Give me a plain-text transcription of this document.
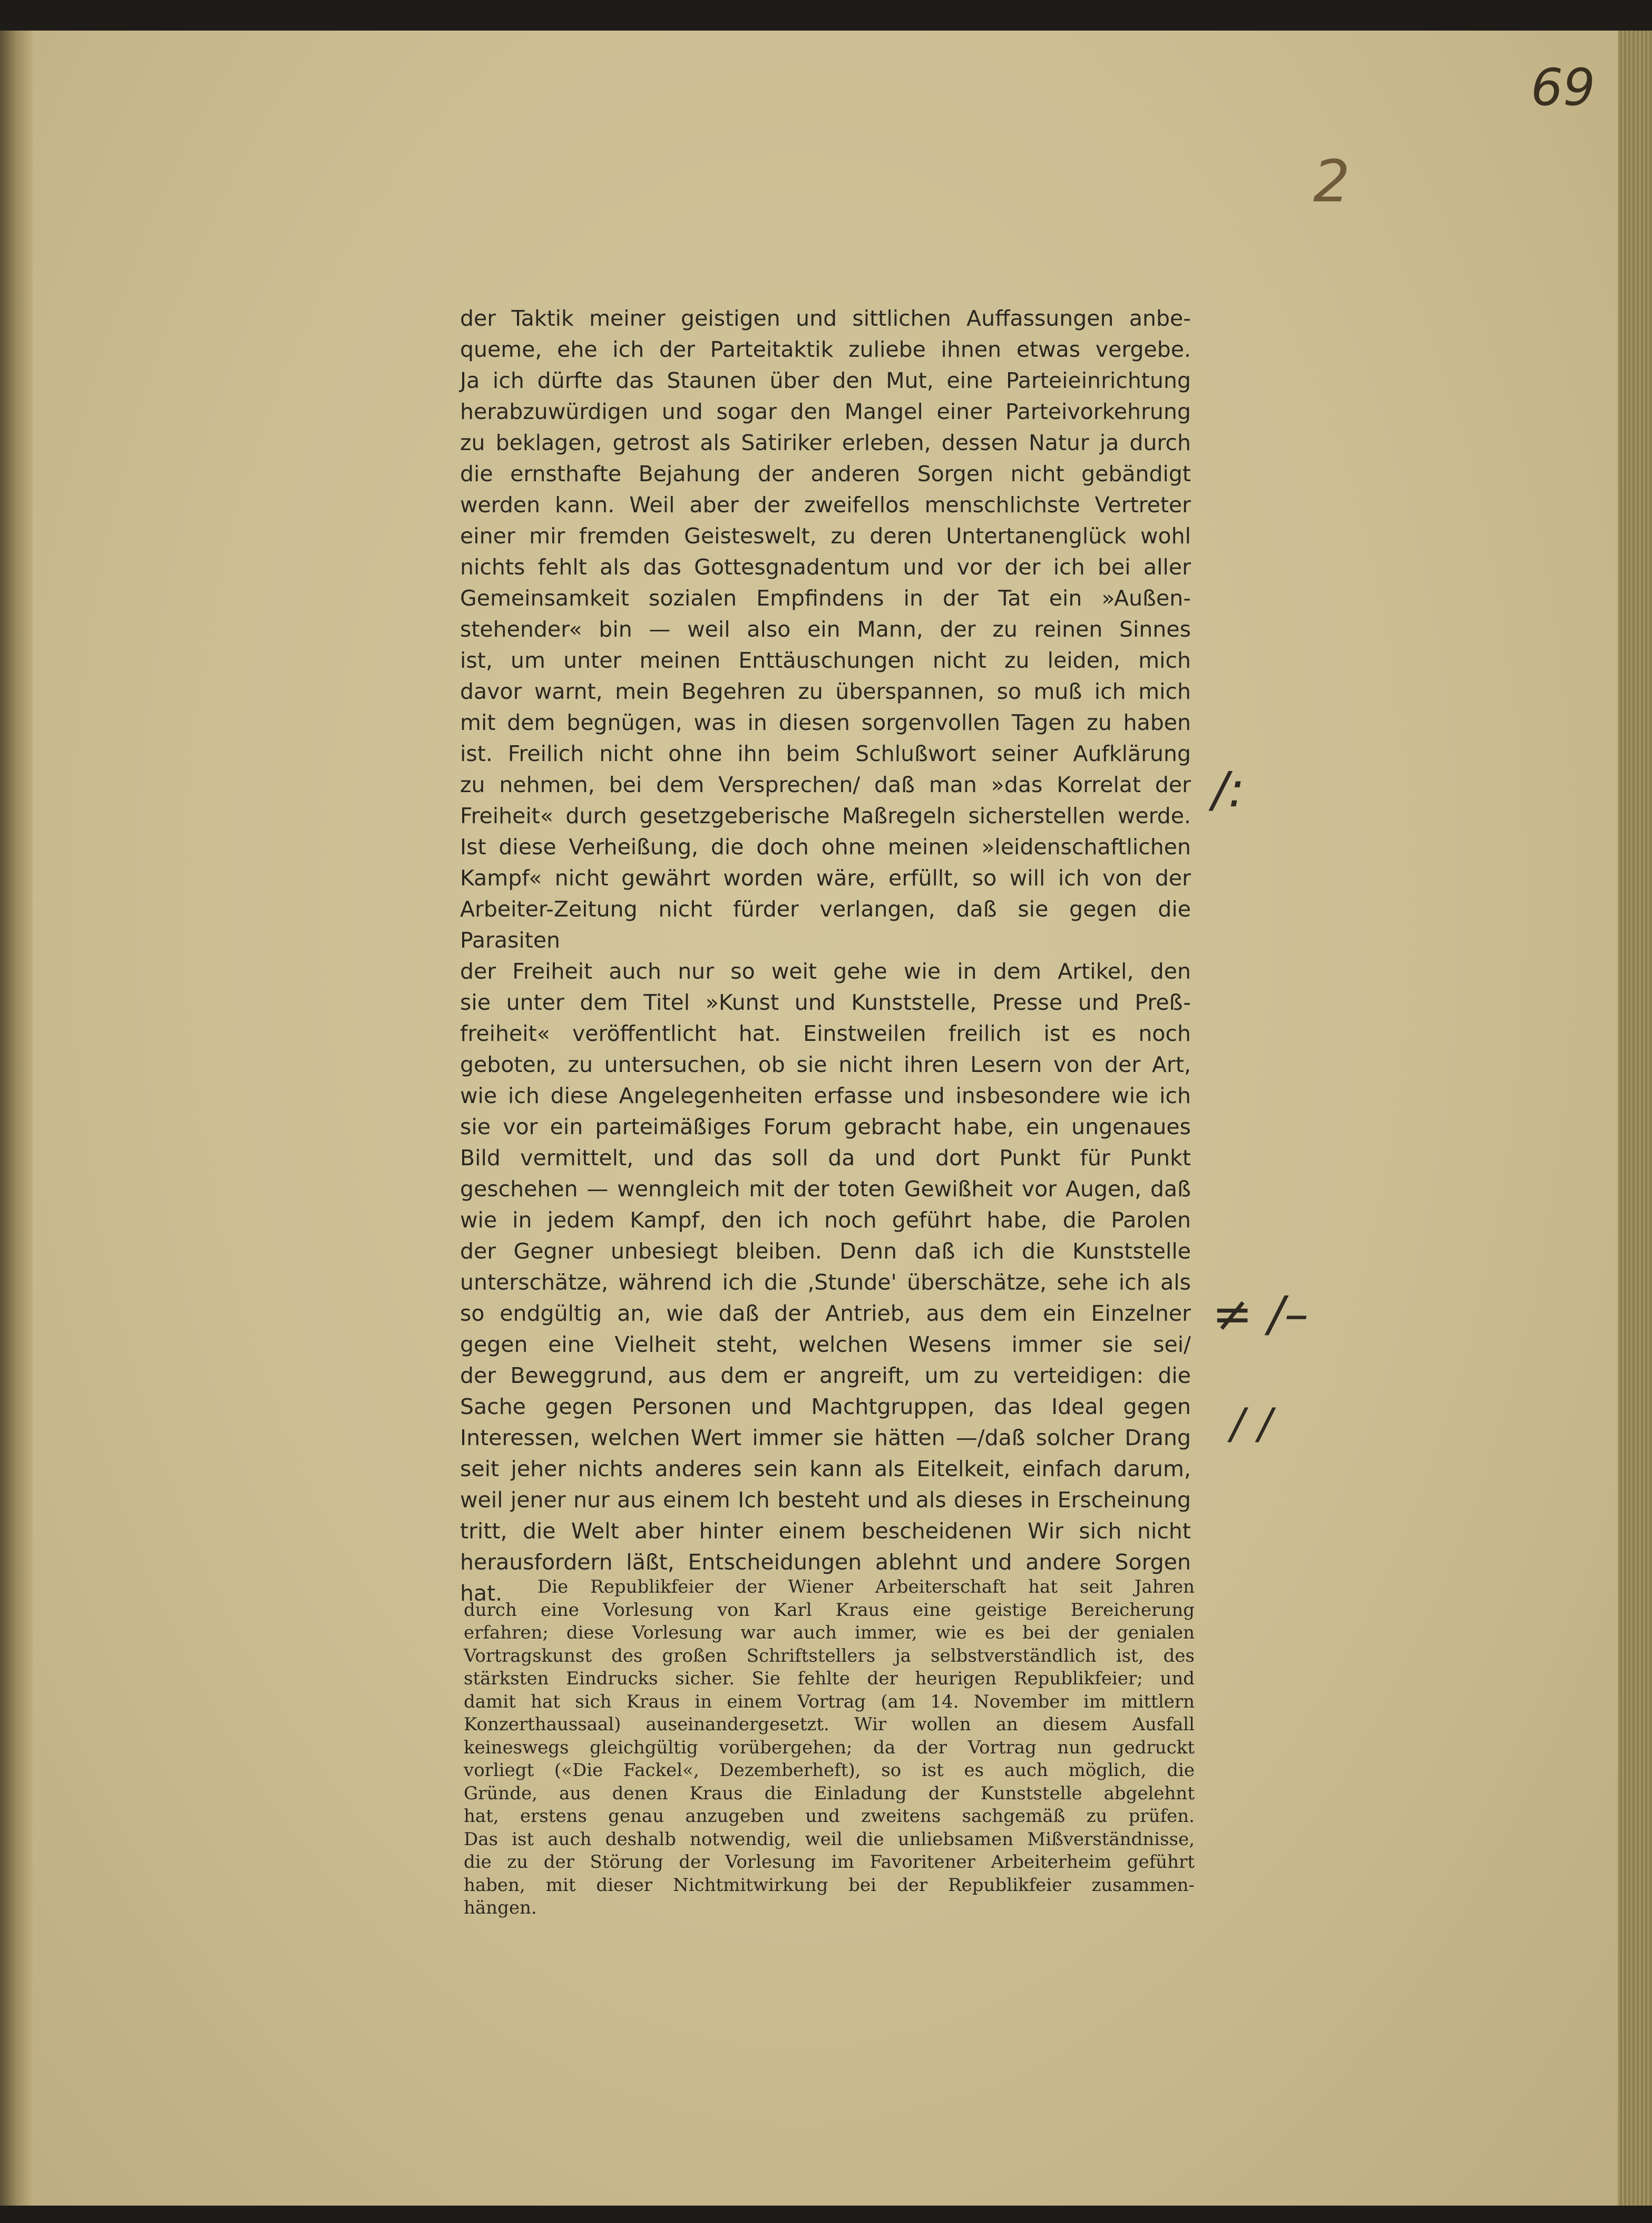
69
2
/:
≠ /–
/ /
der Taktik meiner geistigen und sittlichen Auffassungen anbe-
queme, ehe ich der Parteitaktik zuliebe ihnen etwas vergebe.
Ja ich dürfte das Staunen über den Mut, eine Parteieinrichtung
herabzuwürdigen und sogar den Mangel einer Parteivorkehrung
zu beklagen, getrost als Satiriker erleben, dessen Natur ja durch
die ernsthafte Bejahung der anderen Sorgen nicht gebändigt
werden kann. Weil aber der zweifellos menschlichste Vertreter
einer mir fremden Geisteswelt, zu deren Untertanenglück wohl
nichts fehlt als das Gottesgnadentum und vor der ich bei aller
Gemeinsamkeit sozialen Empfindens in der Tat ein »Außen-
stehender« bin — weil also ein Mann, der zu reinen Sinnes
ist, um unter meinen Enttäuschungen nicht zu leiden, mich
davor warnt, mein Begehren zu überspannen, so muß ich mich
mit dem begnügen, was in diesen sorgenvollen Tagen zu haben
ist. Freilich nicht ohne ihn beim Schlußwort seiner Aufklärung
zu nehmen, bei dem Versprechen/ daß man »das Korrelat der
Freiheit« durch gesetzgeberische Maßregeln sicherstellen werde.
Ist diese Verheißung, die doch ohne meinen »leidenschaftlichen
Kampf« nicht gewährt worden wäre, erfüllt, so will ich von der
Arbeiter-Zeitung nicht fürder verlangen, daß sie gegen die Parasiten
der Freiheit auch nur so weit gehe wie in dem Artikel, den
sie unter dem Titel »Kunst und Kunststelle, Presse und Preß-
freiheit« veröffentlicht hat. Einstweilen freilich ist es noch
geboten, zu untersuchen, ob sie nicht ihren Lesern von der Art,
wie ich diese Angelegenheiten erfasse und insbesondere wie ich
sie vor ein parteimäßiges Forum gebracht habe, ein ungenaues
Bild vermittelt, und das soll da und dort Punkt für Punkt
geschehen — wenngleich mit der toten Gewißheit vor Augen, daß
wie in jedem Kampf, den ich noch geführt habe, die Parolen
der Gegner unbesiegt bleiben. Denn daß ich die Kunststelle
unterschätze, während ich die ‚Stunde' überschätze, sehe ich als
so endgültig an, wie daß der Antrieb, aus dem ein Einzelner
gegen eine Vielheit steht, welchen Wesens immer sie sei/
der Beweggrund, aus dem er angreift, um zu verteidigen: die
Sache gegen Personen und Machtgruppen, das Ideal gegen
Interessen, welchen Wert immer sie hätten —/daß solcher Drang
seit jeher nichts anderes sein kann als Eitelkeit, einfach darum,
weil jener nur aus einem Ich besteht und als dieses in Erscheinung
tritt, die Welt aber hinter einem bescheidenen Wir sich nicht
herausfordern läßt, Entscheidungen ablehnt und andere Sorgen hat.	Die Republikfeier der Wiener Arbeiterschaft hat seit Jahren
durch eine Vorlesung von Karl Kraus eine geistige Bereicherung
erfahren; diese Vorlesung war auch immer, wie es bei der genialen
Vortragskunst des großen Schriftstellers ja selbstverständlich ist, des
stärksten Eindrucks sicher. Sie fehlte der heurigen Republikfeier; und
damit hat sich Kraus in einem Vortrag (am 14. November im mittlern
Konzerthaussaal) auseinandergesetzt. Wir wollen an diesem Ausfall
keineswegs gleichgültig vorübergehen; da der Vortrag nun gedruckt
vorliegt («Die Fackel«, Dezemberheft), so ist es auch möglich, die
Gründe, aus denen Kraus die Einladung der Kunststelle abgelehnt
hat, erstens genau anzugeben und zweitens sachgemäß zu prüfen.
Das ist auch deshalb notwendig, weil die unliebsamen Mißverständnisse,
die zu der Störung der Vorlesung im Favoritener Arbeiterheim geführt
haben, mit dieser Nichtmitwirkung bei der Republikfeier zusammen-
hängen.
